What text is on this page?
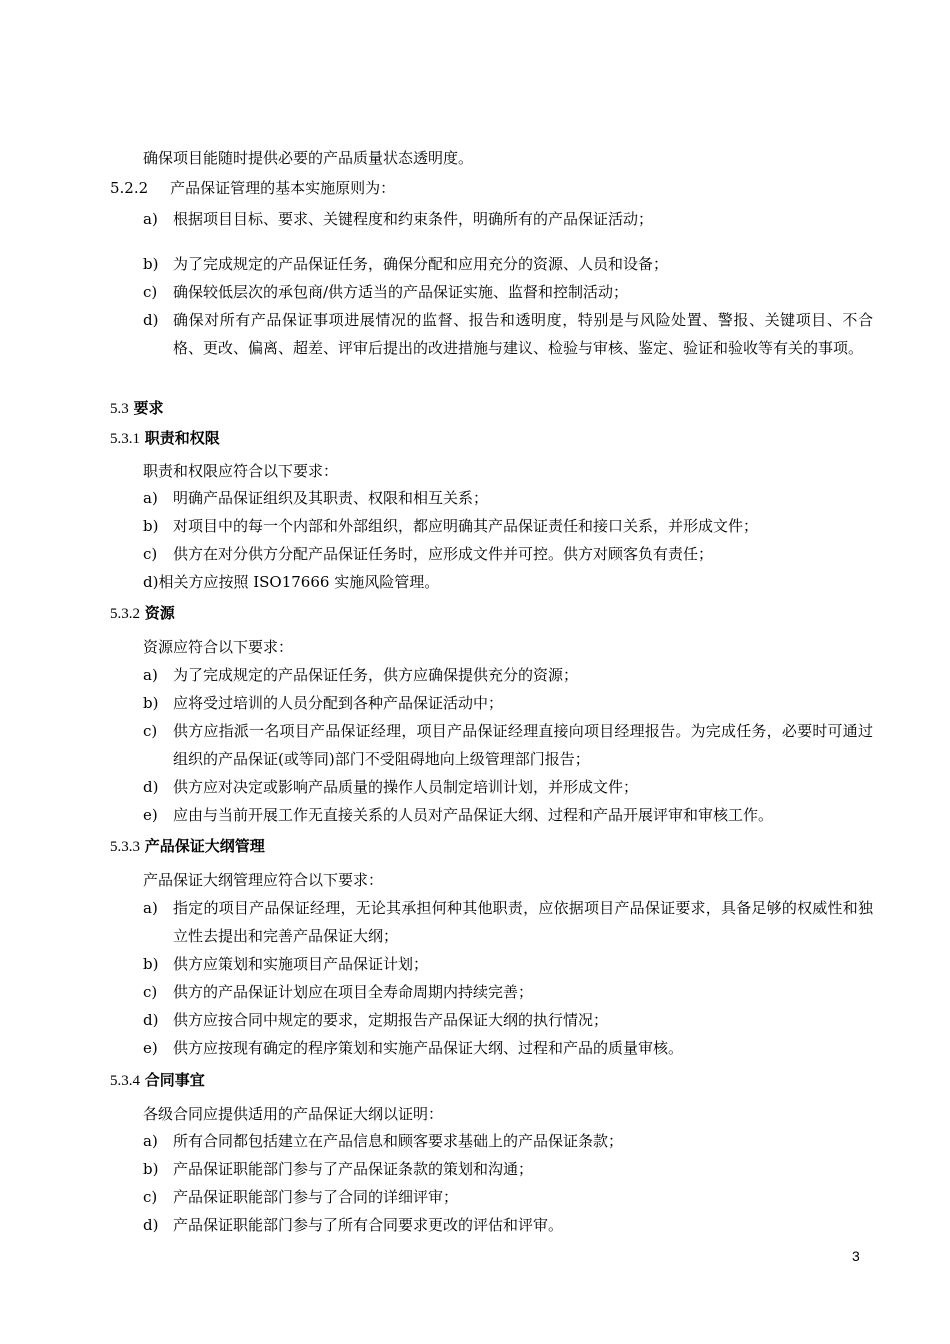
确保项目能随时提供必要的产品质量状态透明度。
5.2.2 产品保证管理的基本实施原则为：
a)	根据项目目标、要求、关键程度和约束条件，明确所有的产品保证活动；
b) 为了完成规定的产品保证任务，确保分配和应用充分的资源、人员和设备；
c)	确保较低层次的承包商/供方适当的产品保证实施、监督和控制活动；
d) 确保对所有产品保证事项进展情况的监督、报告和透明度，特别是与风险处置、警报、关键项目、不合格、更改、偏离、超差、评审后提出的改进措施与建议、检验与审核、鉴定、验证和验收等有关的事项。
5.3 要求
5.3.1 职责和权限
职责和权限应符合以下要求：
a)	明确产品保证组织及其职责、权限和相互关系；
b) 对项目中的每一个内部和外部组织，都应明确其产品保证责任和接口关系，并形成文件；
c)	供方在对分供方分配产品保证任务时，应形成文件并可控。供方对顾客负有责任；
d)相关方应按照 ISO17666 实施风险管理。
5.3.2 资源
资源应符合以下要求：
a)	为了完成规定的产品保证任务，供方应确保提供充分的资源；
b) 应将受过培训的人员分配到各种产品保证活动中；
c)	供方应指派一名项目产品保证经理，项目产品保证经理直接向项目经理报告。为完成任务，必要时可通过组织的产品保证(或等同)部门不受阻碍地向上级管理部门报告；
d) 供方应对决定或影响产品质量的操作人员制定培训计划，并形成文件；
e)	应由与当前开展工作无直接关系的人员对产品保证大纲、过程和产品开展评审和审核工作。
5.3.3 产品保证大纲管理
产品保证大纲管理应符合以下要求：
a)	指定的项目产品保证经理，无论其承担何种其他职责，应依据项目产品保证要求，具备足够的权威性和独立性去提出和完善产品保证大纲；
b) 供方应策划和实施项目产品保证计划；
c)	供方的产品保证计划应在项目全寿命周期内持续完善；
d) 供方应按合同中规定的要求，定期报告产品保证大纲的执行情况；
e)	供方应按现有确定的程序策划和实施产品保证大纲、过程和产品的质量审核。
5.3.4 合同事宜
各级合同应提供适用的产品保证大纲以证明：
a)	所有合同都包括建立在产品信息和顾客要求基础上的产品保证条款；
b) 产品保证职能部门参与了产品保证条款的策划和沟通；
c)	产品保证职能部门参与了合同的详细评审；
d) 产品保证职能部门参与了所有合同要求更改的评估和评审。
3
